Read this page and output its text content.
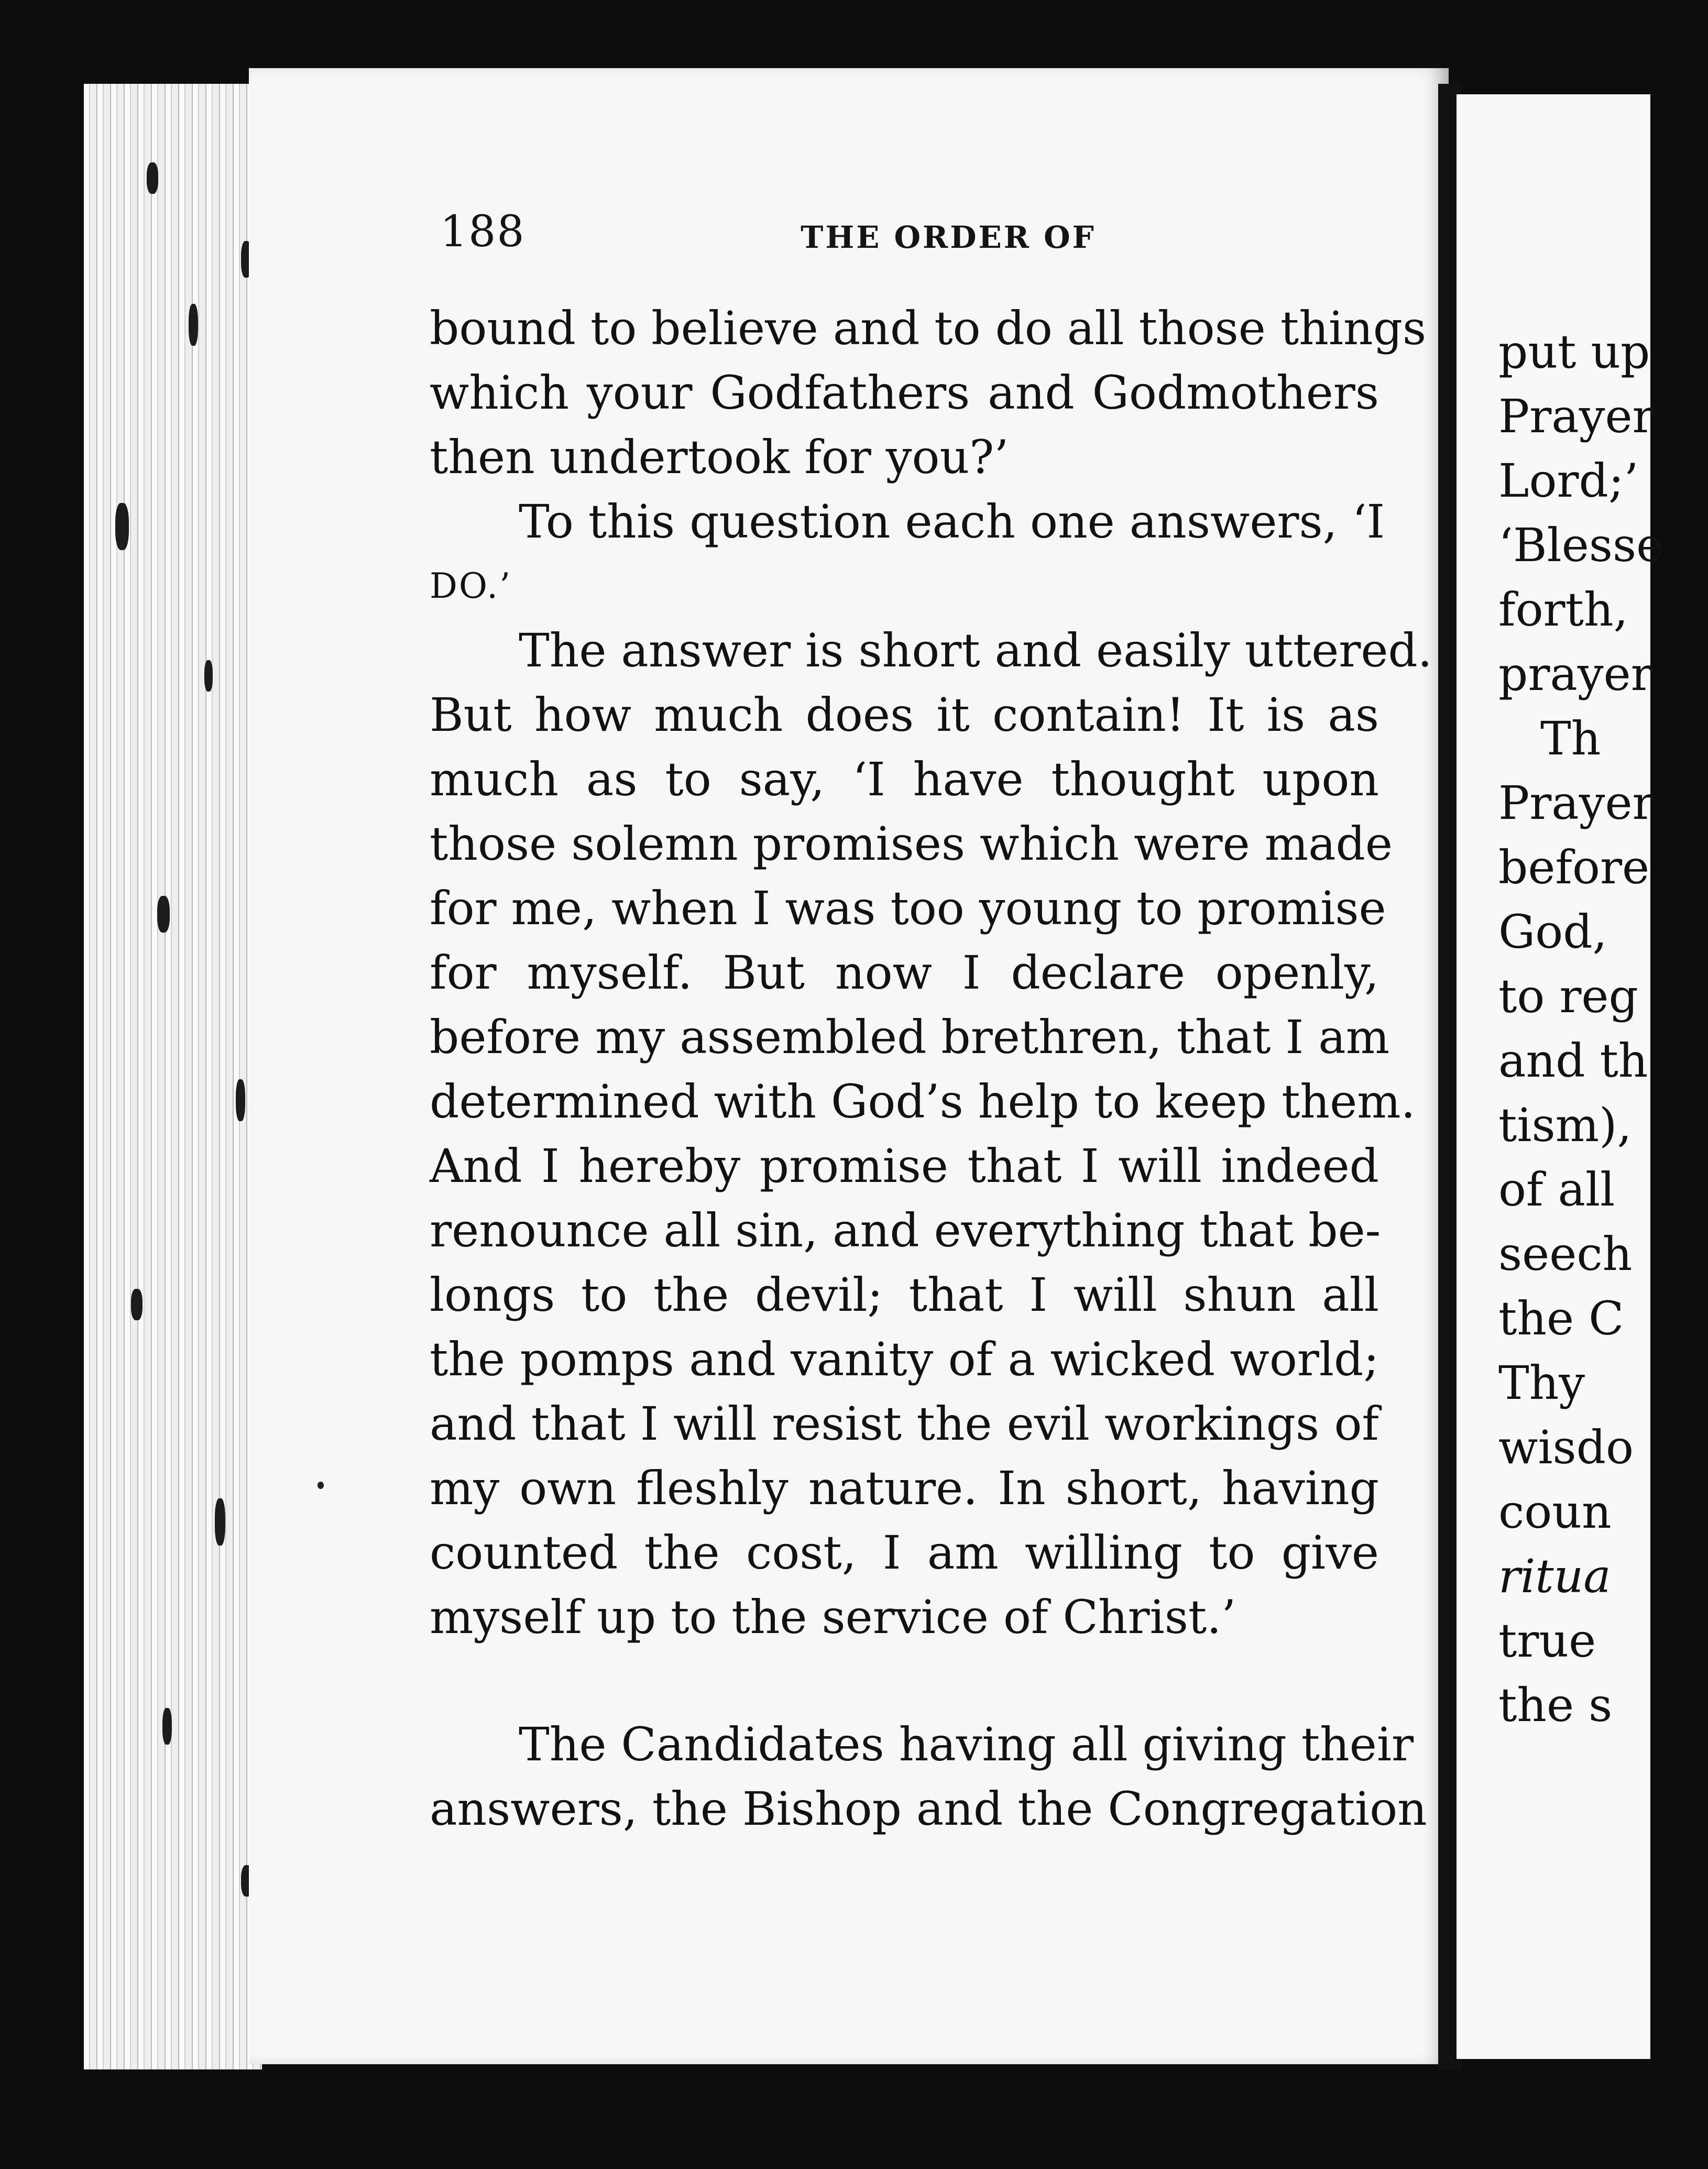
188	THE ORDER OF
bound to believe and to do all those things
which your Godfathers and Godmothers
then undertook for you?’
To this question each one answers, ‘I
DO.’
The answer is short and easily uttered.
But how much does it contain! It is as
much as to say, ‘I have thought upon
those solemn promises which were made
for me, when I was too young to promise
for myself. But now I declare openly,
before my assembled brethren, that I am
determined with God’s help to keep them.
And I hereby promise that I will indeed
renounce all sin, and everything that be-
longs to the devil; that I will shun all
the pomps and vanity of a wicked world;
and that I will resist the evil workings of
my own fleshly nature. In short, having
counted the cost, I am willing to give
myself up to the service of Christ.’
The Candidates having all giving their
answers, the Bishop and the Congregation
put up
Prayer
Lord;’
‘Blesse
forth,
prayer
Th
Prayer
before
God,
to reg
and th
tism),
of all
seech
the C
Thy
wisdo
coun
ritua
true
the s
